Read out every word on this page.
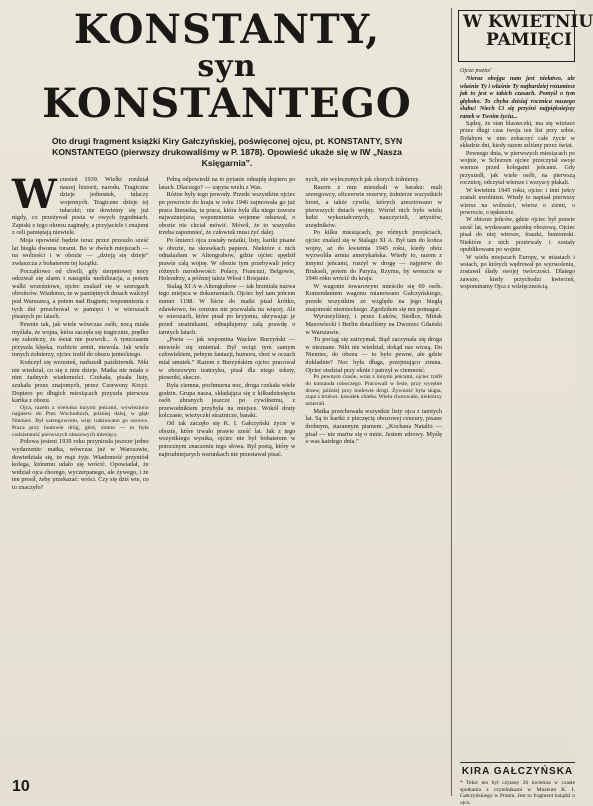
KONSTANTY,
syn
KONSTANTEGO
Oto drugi fragment książki Kiry Gałczyńskiej, poświęconej ojcu, pt. KONSTANTY, SYN KONSTANTEGO (pierwszy drukowaliśmy w P. 1878). Opowieść ukaże się w IW „Nasza Księgarnia”.
W rzesień 1939. Wielki rozdział naszej historii, narodu. Tragiczne dzieje jednostek, tułaczy wojennych. Tragiczne dzieje tej tułaczki; nie dowiemy się już nigdy, co przeżywał poeta w owych tygodniach. Zapiski z tego okresu zaginęły, a przyjaciele i znajomi z celi pamiętają niewiele.

Moja opowieść będzie teraz przez przeszło sześć lat biegła dwoma torami. Bo w dwóch miejscach — na wolności i w obozie — „dzieją się dzieje” zwłaszcza z bohaterem tej książki.

Początkowo od chwili, gdy sierpniowej nocy odezwał się alarm i nastąpiła mobilizacja, a potem walki wrześniowe, ojciec znalazł się w szeregach obrońców. Wiadomo, że w pamiętnych dniach walczył pod Warszawą, a potem nad Bugiem; wspomnienia z tych dni przechował w pamięci i w wierszach pisanych po latach.

Pewnie tak, jak wiele wówczas osób, nocą miała myślała, że wojna, która zaczęła się tragicznie, prędko się zakończy, że świat nie pozwoli... A tymczasem przyszła klęska, rozbicie armii, niewola. Jak wielu innych żołnierzy, ojciec trafił do obozu jenieckiego.

Kończył się wrzesień, nadszedł październik. Nikt nie wiedział, co się z nim dzieje. Matka nie miała o nim żadnych wiadomości. Czekała, pisała listy, szukała przez znajomych, przez Czerwony Krzyż. Dopiero po długich miesiącach przyszła pierwsza kartka z obozu.

Ojca, razem z wieloma innymi jeńcami, wywieziono najpierw do Prus Wschodnich, później dalej, w głąb Niemiec. Był szeregowcem, więc traktowano go surowo. Praca przy budowie dróg, głód, zimno — to była codzienność pierwszych obozowych miesięcy.

Połowa jesieni 1939 roku przyniosła jeszcze jedno wydarzenie: matka, wówczas już w Warszawie, dowiedziała się, że mąż żyje. Wiadomość przyniósł kolega, któremu udało się wrócić. Opowiadał, że widział ojca chorego, wyczerpanego, ale żywego, i że ten prosił, żeby przekazać: wróci. Czy się dziś wie, co to znaczyło?

Pełną odpowiedź na to pytanie odnajdę dopiero po latach. Dlaczego? — zapyta wielu z Was.

Różne były tego powody. Przede wszystkim ojciec po powrocie do kraju w roku 1946 zajmowała go już praca literacka, ta praca, która była dla niego zawsze najważniejsza; wspomnienia wojenne odsuwał, o obozie nie chciał mówić. Mówił, że to wszystko trzeba zapomnieć, że człowiek musi żyć dalej.

Po śmierci ojca zostały notatki, listy, kartki pisane w obozie, na skrawkach papieru. Niektóre z nich odnalazłam w Altengrabow, gdzie ojciec spędził prawie całą wojnę. W obozie tym przebywali jeńcy różnych narodowości: Polacy, Francuzi, Belgowie, Holendrzy, a później także Włosi i Rosjanie.

Stalag XI A w Altengrabow — tak brzmiała nazwa tego miejsca w dokumentach. Ojciec był tam jeńcem numer 1198. W liście do matki pisał krótko, zdawkowo, bo cenzura nie pozwalała na więcej. Ale w wierszach, które pisał po kryjomu, ukrywając je przed strażnikami, odnajdujemy całą prawdę o tamtych latach.

„Poeta — jak wspomina Wacław Burzyński — niewiele się zmieniał. Był wciąż tym samym człowiekiem, pełnym fantazji, humoru, choć w oczach miał smutek.” Razem z Burzyńskim ojciec pracował w obozowym teatrzyku, pisał dla niego teksty, piosenki, skecze.

Była ciemna, pochmurna noc, droga czekała wiele godzin. Grupa nasza, składająca się z kilkudziesięciu osób ubranych jeszcze po cywilnemu, z przewodnikiem przybyła na miejsce. Wokół druty kolczaste, wieżyczki strażnicze, baraki.

Od tak zaczęło się K. I. Gałczyński życie w obozie, które trwało prawie sześć lat. Jak z tego wszystkiego wynika, ojciec nie był bohaterem w potocznym znaczeniu tego słowa. Był poetą, który w najtrudniejszych warunkach nie przestawał pisać.

nych, nie wyleczonych jak chorych żołnierzy.

Razem z nim mieszkali w baraku: mali szeregowcy, oficerowie rezerwy, żołnierze wszystkich broni, a także cywile, których aresztowano w pierwszych dniach wojny. Wśród nich było wielu ludzi wykształconych, nauczycieli, artystów, urzędników.

Po kilku miesiącach, po różnych przejściach, ojciec znalazł się w Stalagu XI A. Był tam do końca wojny, aż do kwietnia 1945 roku, kiedy obóz wyzwoliła armia amerykańska. Wtedy to, razem z innymi jeńcami, ruszył w drogę — najpierw do Brukseli, potem do Paryża, Rzymu, by wreszcie w 1946 roku wrócić do kraju.

W wagonie towarowym mieściło się 60 osób. Komendantem wagonu mianowano Gałczyńskiego, przede wszystkim ze względu na jego biegłą znajomość niemieckiego. Zgodziłem się mu pomagać.

Wyruszyliśmy, i przez Łuków, Siedlce, Mińsk Mazowiecki i Berlin dotarliśmy na Dworzec Gdański w Warszawie.

Tu pociąg się zatrzymał. Stąd zaczynała się droga w nieznane. Nikt nie wiedział, dokąd nas wiozą. Do Niemiec, do obozu — to było pewne, ale gdzie dokładnie? Noc była długa, przejmująco zimna. Ojciec siedział przy oknie i patrzył w ciemność.

Po pewnym czasie, wraz z innymi jeńcami, ojciec trafił do komanda roboczego. Pracowali w lesie, przy wyrębie drzew, później przy budowie drogi. Żywność była skąpa, zupa z brukwi, kawałek chleba. Wielu chorowało, niektórzy umierali.

Matka przechowała wszystkie listy ojca z tamtych lat. Są to kartki z pieczęcią obozowej cenzury, pisane drobnym, starannym pismem. „Kochana Natalio — pisał — nie martw się o mnie. Jestem zdrowy. Myślę o was każdego dnia.”

10
W KWIETNIU
PAMIĘCI
Ojcze poeto!

Nieraz obojgu nam jest niełatwo, ale właśnie Ty i właśnie Ty najbardziej rozumiesz jak to jest w takich czasach. Pomyśl o tym głęboko. To chyba dzisiaj rocznica naszego ślubu! Niech Ci się przyśni najpiękniejszy ranek w Twoim życiu...

Sądzę, że stan blaszeczki, ma się wieżace przez długi czas twoja ten list przy sobie. Byłabym w nim zobaczyć całe życie w składzie dni, kiedy razem szliśmy przez świat.

Pewnego dnia, w pierwszych miesiącach po wojnie, w Schorzen ojciec przeczytał swoje wiersze przed kolegami jeńcami. Gdy przyszedł, jak wiele osób, na pierwszą rocznicę, odczytał wiersze i wszyscy płakali.

W kwietniu 1945 roku, ojciec i inni jeńcy zostali uwolnieni. Wtedy to napisał pierwszy wiersz na wolności, wiersz o ziemi, o powrocie, o tęsknocie.

W zbiorze jeńców, gdzie ojciec był prawie sześć lat, wydawano gazetkę obozową. Ojciec pisał do niej wiersze, fraszki, humoreski. Niektóre z nich przetrwały i zostały opublikowane po wojnie.

W wielu miejscach Europy, w miastach i wsiach, po których wędrował po wyzwoleniu, zostawił ślady swojej twórczości. Dlatego zawsze, kiedy przychodzi kwiecień, wspominamy Ojca z wdzięcznością.

KIRA GAŁCZYŃSKA
* Tekst ten był czytany 26 kwietnia w czasie spotkania z czytelnikami w Muzeum K. I. Gałczyńskiego w Praniu. Jest to fragment książki o ojcu.
